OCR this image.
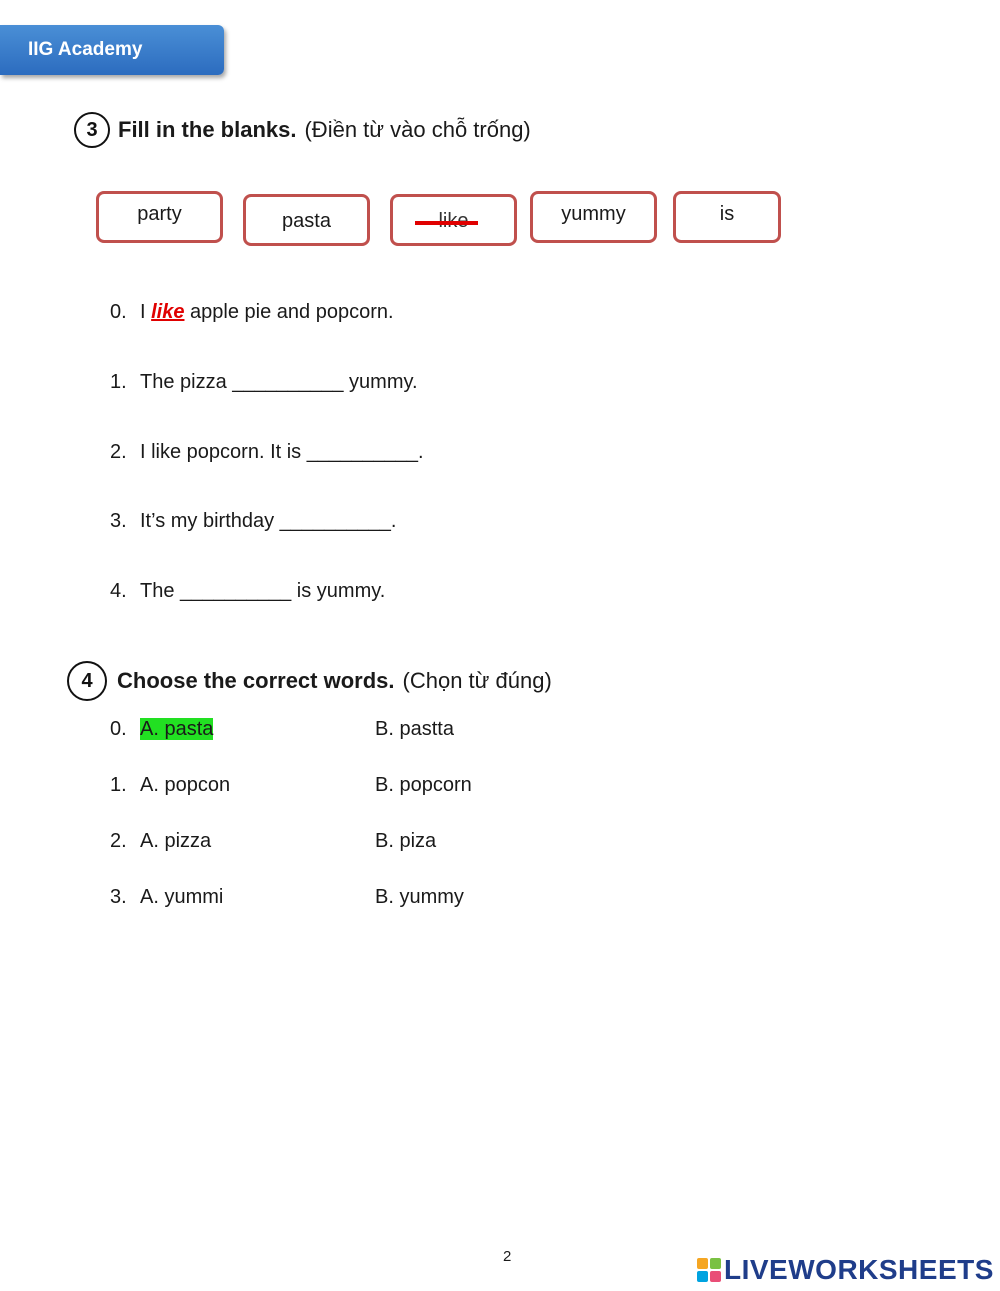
IIG Academy
3 Fill in the blanks. (Điền từ vào chỗ trống)
party	pasta	yummy	is
0. I like apple pie and popcorn.
1. The pizza __________ yummy.
2. I like popcorn. It is __________.
3. It’s my birthday __________.
4. The __________ is yummy.
4	Choose the correct words. (Chọn từ đúng)
0. A. pasta	B. pastta
1. A. popcon	B. popcorn
2. A. pizza	B. piza
3. A. yummi	B. yummy
2	LIVEWORKSHEETS
